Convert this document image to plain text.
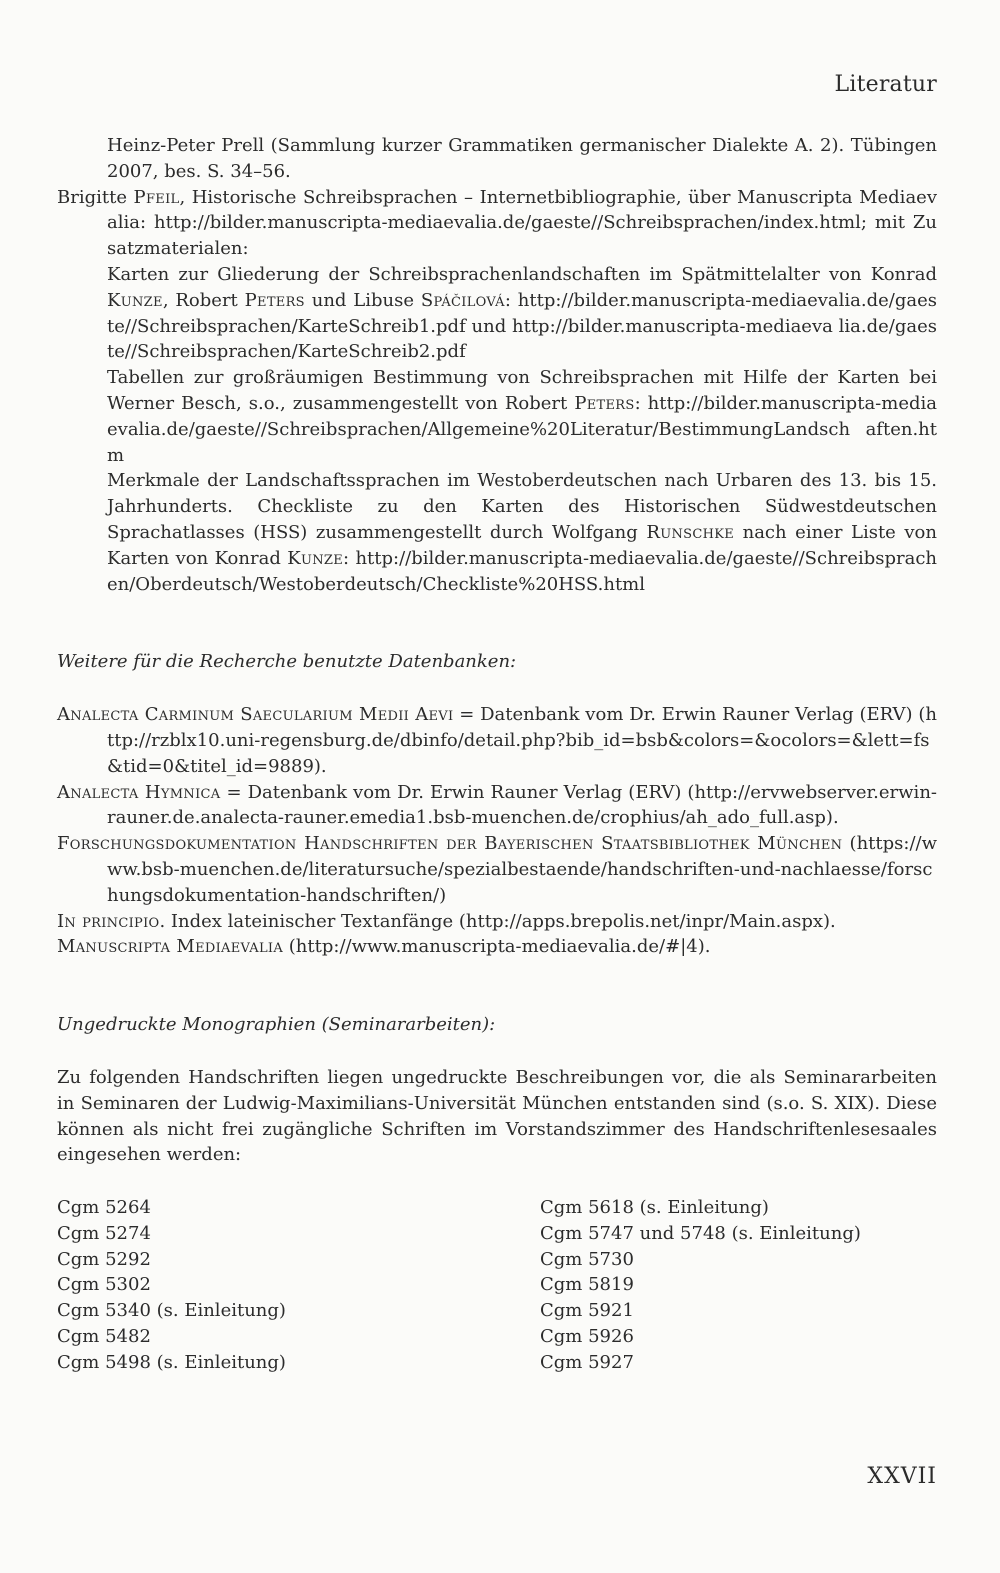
Literatur

Heinz-Peter Prell (Sammlung kurzer Grammatiken germanischer Dialekte A. 2). Tübingen 2007, bes. S. 34–56.

Brigitte Pfeil, Historische Schreibsprachen – Internetbibliographie, über Manuscripta Mediaevalia: http://bilder.manuscripta-mediaevalia.de/gaeste//Schreibsprachen/index.html; mit Zusatzmaterialen:

Karten zur Gliederung der Schreibsprachenlandschaften im Spätmittelalter von Konrad Kunze, Robert Peters und Libuse Spáčilová: http://bilder.manuscripta-mediaevalia.de/gaeste//Schreibsprachen/KarteSchreib1.pdf und http://bilder.manuscripta-mediaeva lia.de/gaeste//Schreibsprachen/KarteSchreib2.pdf

Tabellen zur großräumigen Bestimmung von Schreibsprachen mit Hilfe der Karten bei Werner Besch, s.o., zusammengestellt von Robert Peters: http://bilder.manuscripta-mediaevalia.de/gaeste//Schreibsprachen/Allgemeine%20Literatur/BestimmungLandsch aften.htm

Merkmale der Landschaftssprachen im Westoberdeutschen nach Urbaren des 13. bis 15. Jahrhunderts. Checkliste zu den Karten des Historischen Südwestdeutschen Sprachatlasses (HSS) zusammengestellt durch Wolfgang Runschke nach einer Liste von Karten von Konrad Kunze: http://bilder.manuscripta-mediaevalia.de/gaeste//Schreibsprachen/Oberdeutsch/Westoberdeutsch/Checkliste%20HSS.html

Weitere für die Recherche benutzte Datenbanken:

Analecta Carminum Saecularium Medii Aevi = Datenbank vom Dr. Erwin Rauner Verlag (ERV) (http://rzblx10.uni-regensburg.de/dbinfo/detail.php?bib_id=bsb&colors=&ocolors=&lett=fs&tid=0&titel_id=9889).

Analecta Hymnica = Datenbank vom Dr. Erwin Rauner Verlag (ERV) (http://ervwebserver.erwin-rauner.de.analecta-rauner.emedia1.bsb-muenchen.de/crophius/ah_ado_full.asp).

Forschungsdokumentation Handschriften der Bayerischen Staatsbibliothek München (https://www.bsb-muenchen.de/literatursuche/spezialbestaende/handschriften-und-nachlaesse/forschungsdokumentation-handschriften/)

In principio. Index lateinischer Textanfänge (http://apps.brepolis.net/inpr/Main.aspx).

Manuscripta Mediaevalia (http://www.manuscripta-mediaevalia.de/#|4).

Ungedruckte Monographien (Seminararbeiten):

Zu folgenden Handschriften liegen ungedruckte Beschreibungen vor, die als Seminararbeiten in Seminaren der Ludwig-Maximilians-Universität München entstanden sind (s.o. S. XIX). Diese können als nicht frei zugängliche Schriften im Vorstandszimmer des Handschriftenlesesaales eingesehen werden:

Cgm 5264	Cgm 5618 (s. Einleitung)
Cgm 5274	Cgm 5747 und 5748 (s. Einleitung)
Cgm 5292	Cgm 5730
Cgm 5302	Cgm 5819
Cgm 5340 (s. Einleitung)	Cgm 5921
Cgm 5482	Cgm 5926
Cgm 5498 (s. Einleitung)	Cgm 5927
XXVII
